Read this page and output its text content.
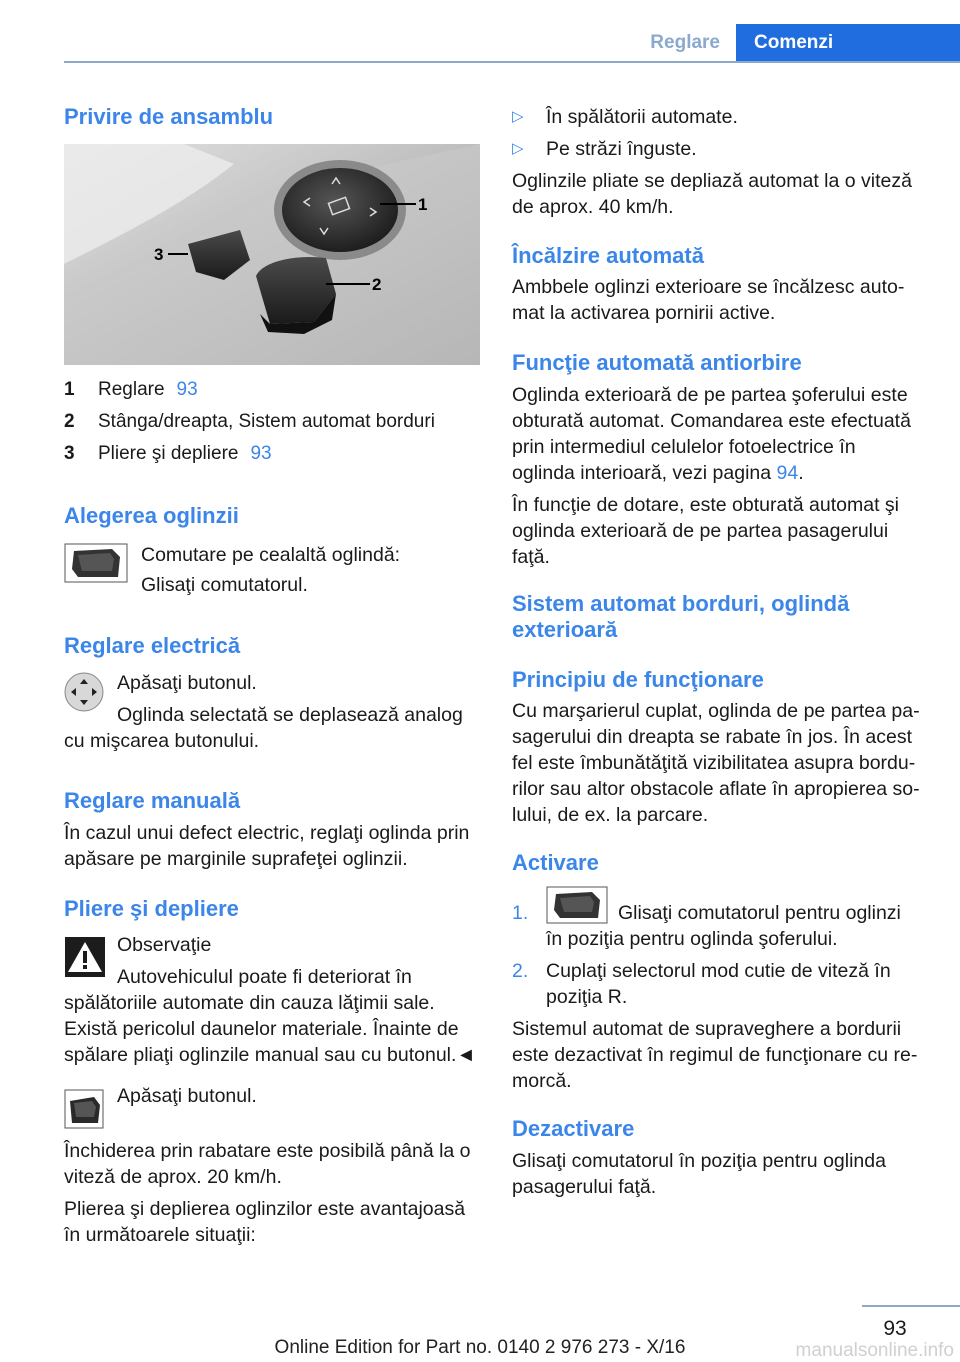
Reglare	Comenzi
Privire de ansamblu
1
2
3
1 Reglare 93
2 Stânga/dreapta, Sistem automat borduri
3 Pliere şi depliere 93
Alegerea oglinzii

Comutare pe cealaltă oglindă:

Glisaţi comutatorul.

Reglare electrică

Apăsaţi butonul.

Oglinda selectată se deplasează analog

cu mişcarea butonului.

Reglare manuală

În cazul unui defect electric, reglaţi oglinda prin

apăsare pe marginile suprafeţei oglinzii.

Pliere şi depliere

Observaţie

Autovehiculul poate fi deteriorat în

spălătoriile automate din cauza lăţimii sale.

Există pericolul daunelor materiale. Înainte de

spălare pliaţi oglinzile manual sau cu butonul.◄

Apăsaţi butonul.

Închiderea prin rabatare este posibilă până la o

viteză de aprox. 20 km/h.

Plierea şi deplierea oglinzilor este avantajoasă

în următoarele situaţii:

▷ În spălătorii automate.
▷ Pe străzi înguste.

Oglinzile pliate se depliază automat la o viteză

de aprox. 40 km/h.

Încălzire automată

Ambbele oglinzi exterioare se încălzesc auto‐

mat la activarea pornirii active.

Funcţie automată antiorbire

Oglinda exterioară de pe partea şoferului este

obturată automat. Comandarea este efectuată

prin intermediul celulelor fotoelectrice în

oglinda interioară, vezi pagina 94.

În funcţie de dotare, este obturată automat şi

oglinda exterioară de pe partea pasagerului

faţă.

Sistem automat borduri, oglindă
exterioară
Principiu de funcţionare

Cu marşarierul cuplat, oglinda de pe partea pa‐

sagerului din dreapta se rabate în jos. În acest

fel este îmbunătăţită vizibilitatea asupra bordu‐

rilor sau altor obstacole aflate în apropierea so‐

lului, de ex. la parcare.

Activare
1.	Glisaţi comutatorul pentru oglinzi

în poziţia pentru oglinda şoferului.

2. Cuplaţi selectorul mod cutie de viteză în

poziţia R.

Sistemul automat de supraveghere a bordurii

este dezactivat în regimul de funcţionare cu re‐

morcă.

Dezactivare

Glisaţi comutatorul în poziţia pentru oglinda

pasagerului faţă.

93
Online Edition for Part no. 0140 2 976 273 - X/16	manualsonline.info
